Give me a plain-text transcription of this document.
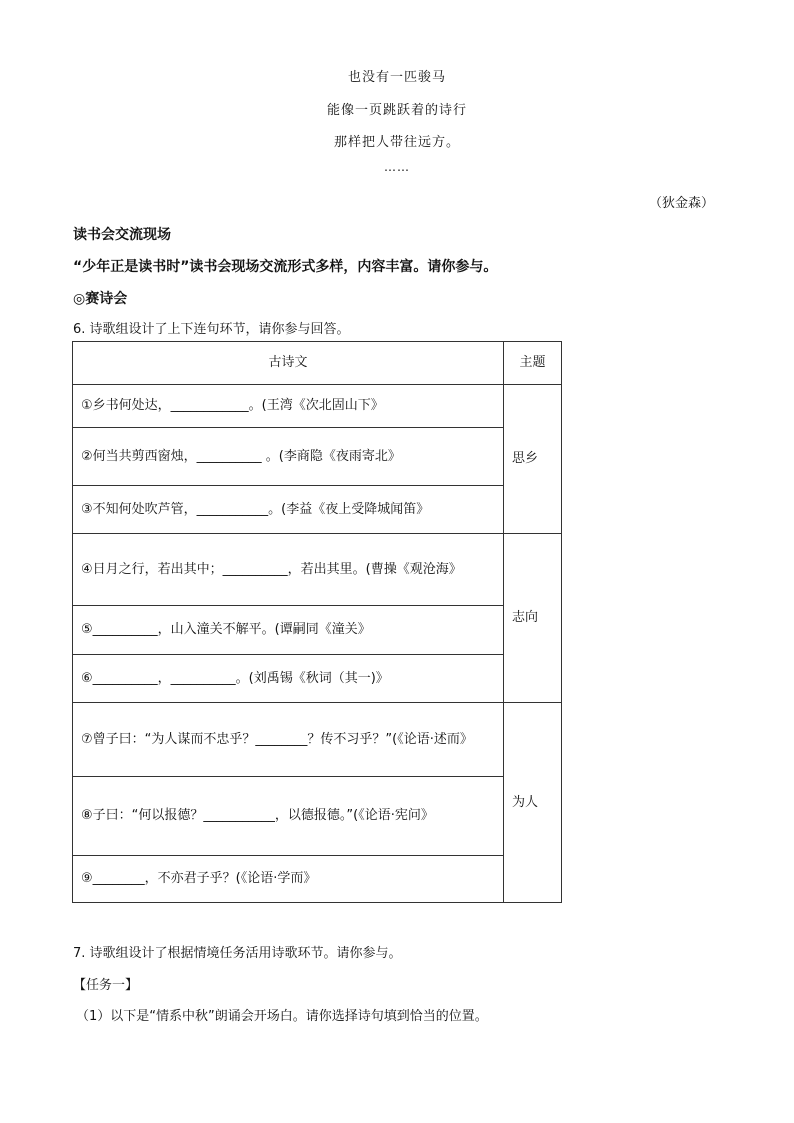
也没有一匹骏马
能像一页跳跃着的诗行
那样把人带往远方。
……
（狄金森）
读书会交流现场
“少年正是读书时”读书会现场交流形式多样，内容丰富。请你参与。
◎赛诗会
6. 诗歌组设计了上下连句环节，请你参与回答。
古诗文	主题
①乡书何处达，____________。(王湾《次北固山下》	思乡
②何当共剪西窗烛，__________ 。(李商隐《夜雨寄北》	
③不知何处吹芦管，___________。(李益《夜上受降城闻笛》	
④日月之行，若出其中；__________，若出其里。(曹操《观沧海》	志向
⑤__________，山入潼关不解平。(谭嗣同《潼关》	
⑥__________，__________。(刘禹锡《秋词（其一)》	
⑦曾子曰：“为人谋而不忠乎？________？传不习乎？”(《论语·述而》	为人
⑧子曰：“何以报德？___________，以德报德。”(《论语·宪问》	
⑨________，不亦君子乎？(《论语·学而》	
7. 诗歌组设计了根据情境任务活用诗歌环节。请你参与。
【任务一】
（1）以下是“情系中秋”朗诵会开场白。请你选择诗句填到恰当的位置。
